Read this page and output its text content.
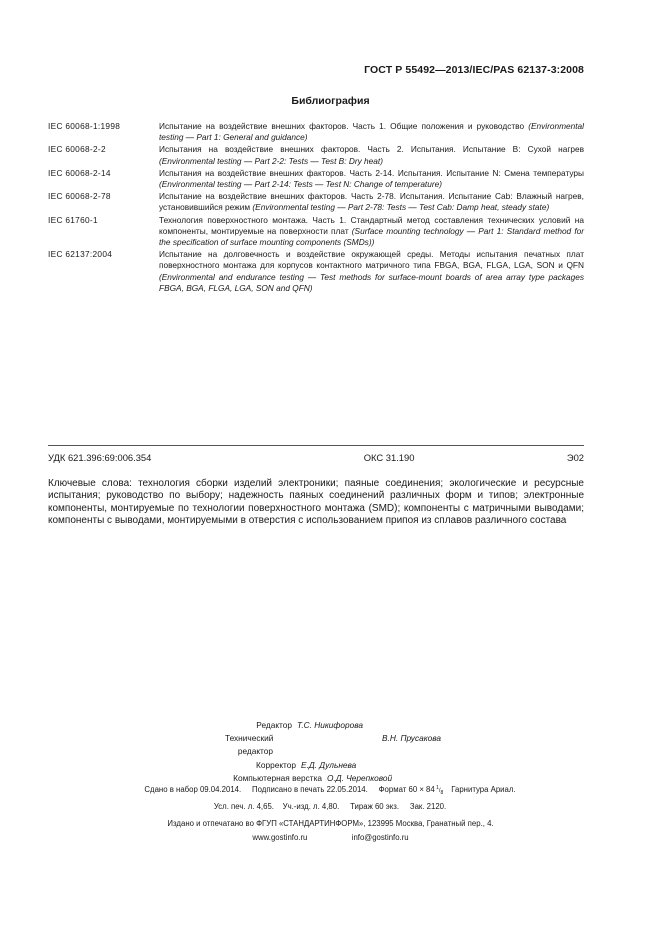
ГОСТ Р 55492—2013/IEC/PAS 62137-3:2008
Библиография
IEC 60068-1:1998	Испытание на воздействие внешних факторов. Часть 1. Общие положения и руководство (Environmental testing — Part 1: General and guidance)
IEC 60068-2-2	Испытания на воздействие внешних факторов. Часть 2. Испытания. Испытание В: Сухой нагрев (Environmental testing — Part 2-2: Tests — Test B: Dry heat)
IEC 60068-2-14	Испытания на воздействие внешних факторов. Часть 2-14. Испытания. Испытание N: Смена температуры (Environmental testing — Part 2-14: Tests — Test N: Change of temperature)
IEC 60068-2-78	Испытание на воздействие внешних факторов. Часть 2-78. Испытания. Испытание Cab: Влажный нагрев, установившийся режим (Environmental testing — Part 2-78: Tests — Test Cab: Damp heat, steady state)
IEC 61760-1	Технология поверхностного монтажа. Часть 1. Стандартный метод составления технических условий на компоненты, монтируемые на поверхности плат (Surface mounting technology — Part 1: Standard method for the specification of surface mounting components (SMDs))
IEC 62137:2004	Испытание на долговечность и воздействие окружающей среды. Методы испытания печатных плат поверхностного монтажа для корпусов контактного матричного типа FBGA, BGA, FLGA, LGA, SON и QFN (Environmental and endurance testing — Test methods for surface-mount boards of area array type packages FBGA, BGA, FLGA, LGA, SON and QFN)
УДК 621.396:69:006.354	ОКС 31.190	Э02
Ключевые слова: технология сборки изделий электроники; паяные соединения; экологические и ресурсные испытания; руководство по выбору; надежность паяных соединений различных форм и типов; электронные компоненты, монтируемые по технологии поверхностного монтажа (SMD); компоненты с матричными выводами; компоненты с выводами, монтируемыми в отверстия с использованием припоя из сплавов различного состава
Редактор Т.С. Никифорова
Технический редактор
В.Н. Прусакова
Корректор Е.Д. Дульнева
Компьютерная верстка О.Д. Черепковой
Сдано в набор 09.04.2014. Подписано в печать 22.05.2014. Формат $60 \times 84^1/_8$ Гарнитура Ариал.
Усл. печ. л. 4,65. Уч.-изд. л. 4,80. Тираж 60 экз. Зак. 2120.
Издано и отпечатано во ФГУП «СТАНДАРТИНФОРМ», 123995 Москва, Гранатный пер., 4.
www.gostinfo.ru	info@gostinfo.ru
